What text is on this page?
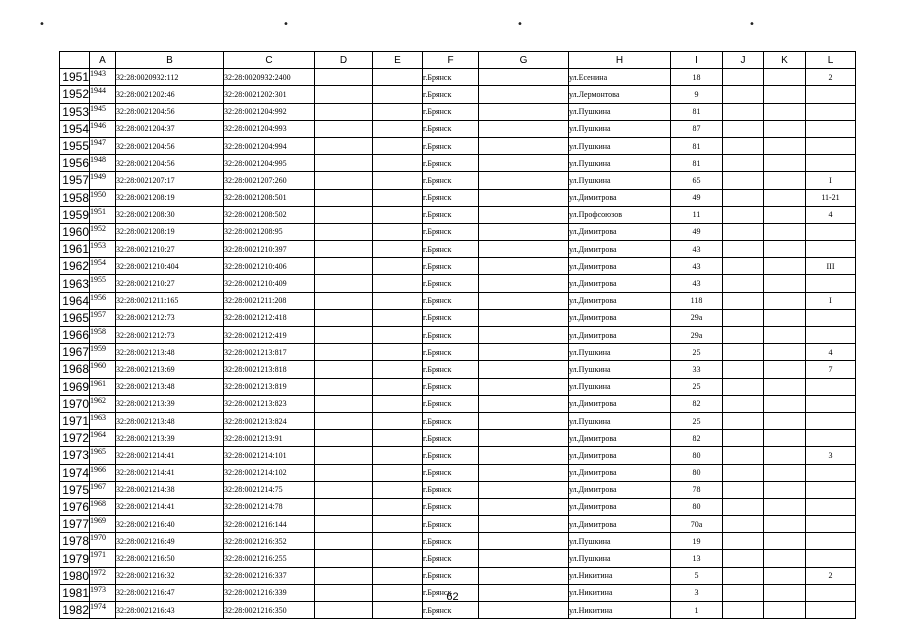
•	•	•	•
	A	B	C	D	E	F	G	H	I	J	K	L
1951	1943	32:28:0020932:112	32:28:0020932:2400			г.Брянск		ул.Есенина	18			2
1952	1944	32:28:0021202:46	32:28:0021202:301			г.Брянск		ул.Лермонтова	9			
1953	1945	32:28:0021204:56	32:28:0021204:992			г.Брянск		ул.Пушкина	81			
1954	1946	32:28:0021204:37	32:28:0021204:993			г.Брянск		ул.Пушкина	87			
1955	1947	32:28:0021204:56	32:28:0021204:994			г.Брянск		ул.Пушкина	81			
1956	1948	32:28:0021204:56	32:28:0021204:995			г.Брянск		ул.Пушкина	81			
1957	1949	32:28:0021207:17	32:28:0021207:260			г.Брянск		ул.Пушкина	65			I
1958	1950	32:28:0021208:19	32:28:0021208:501			г.Брянск		ул.Димитрова	49			11-21
1959	1951	32:28:0021208:30	32:28:0021208:502			г.Брянск		ул.Профсоюзов	11			4
1960	1952	32:28:0021208:19	32:28:0021208:95			г.Брянск		ул.Димитрова	49			
1961	1953	32:28:0021210:27	32:28:0021210:397			г.Брянск		ул.Димитрова	43			
1962	1954	32:28:0021210:404	32:28:0021210:406			г.Брянск		ул.Димитрова	43			III
1963	1955	32:28:0021210:27	32:28:0021210:409			г.Брянск		ул.Димитрова	43			
1964	1956	32:28:0021211:165	32:28:0021211:208			г.Брянск		ул.Димитрова	118			I
1965	1957	32:28:0021212:73	32:28:0021212:418			г.Брянск		ул.Димитрова	29а			
1966	1958	32:28:0021212:73	32:28:0021212:419			г.Брянск		ул.Димитрова	29а			
1967	1959	32:28:0021213:48	32:28:0021213:817			г.Брянск		ул.Пушкина	25			4
1968	1960	32:28:0021213:69	32:28:0021213:818			г.Брянск		ул.Пушкина	33			7
1969	1961	32:28:0021213:48	32:28:0021213:819			г.Брянск		ул.Пушкина	25			
1970	1962	32:28:0021213:39	32:28:0021213:823			г.Брянск		ул.Димитрова	82			
1971	1963	32:28:0021213:48	32:28:0021213:824			г.Брянск		ул.Пушкина	25			
1972	1964	32:28:0021213:39	32:28:0021213:91			г.Брянск		ул.Димитрова	82			
1973	1965	32:28:0021214:41	32:28:0021214:101			г.Брянск		ул.Димитрова	80			3
1974	1966	32:28:0021214:41	32:28:0021214:102			г.Брянск		ул.Димитрова	80			
1975	1967	32:28:0021214:38	32:28:0021214:75			г.Брянск		ул.Димитрова	78			
1976	1968	32:28:0021214:41	32:28:0021214:78			г.Брянск		ул.Димитрова	80			
1977	1969	32:28:0021216:40	32:28:0021216:144			г.Брянск		ул.Димитрова	70а			
1978	1970	32:28:0021216:49	32:28:0021216:352			г.Брянск		ул.Пушкина	19			
1979	1971	32:28:0021216:50	32:28:0021216:255			г.Брянск		ул.Пушкина	13			
1980	1972	32:28:0021216:32	32:28:0021216:337			г.Брянск		ул.Никитина	5			2
1981	1973	32:28:0021216:47	32:28:0021216:339			г.Брянск		ул.Никитина	3			
1982	1974	32:28:0021216:43	32:28:0021216:350			г.Брянск		ул.Никитина	1			
62
